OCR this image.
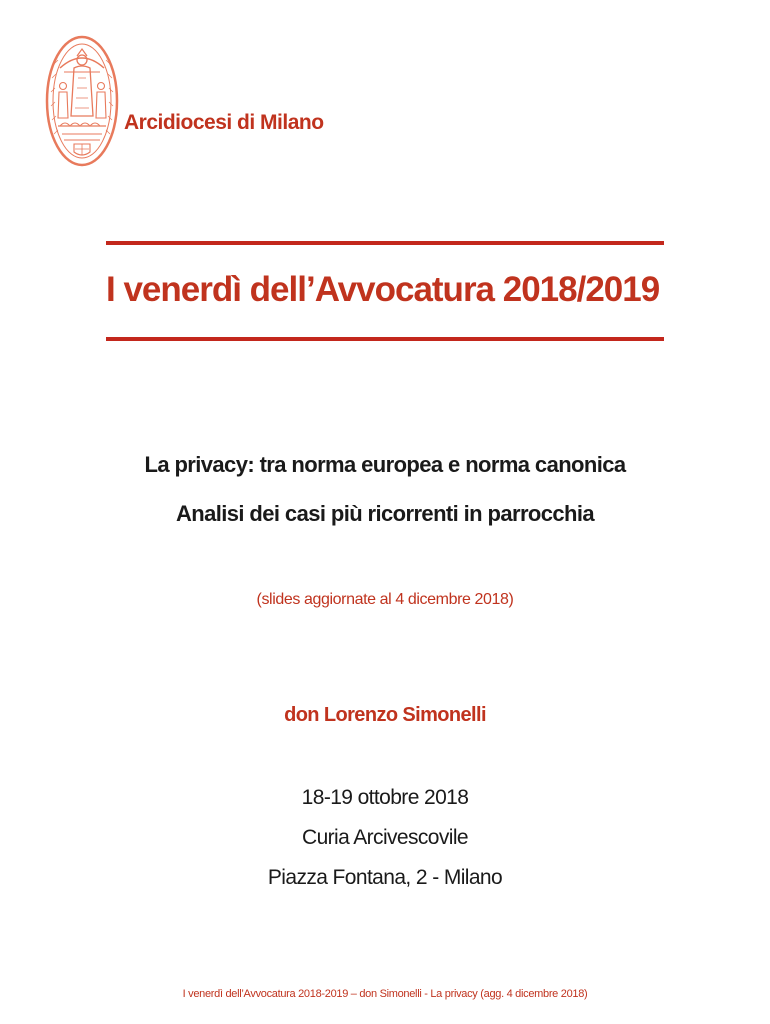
Arcidiocesi di Milano
I venerdì dell’Avvocatura 2018/2019
La privacy: tra norma europea e norma canonica
Analisi dei casi più ricorrenti in parrocchia
(slides aggiornate al 4 dicembre 2018)
don Lorenzo Simonelli
18-19 ottobre 2018
Curia Arcivescovile
Piazza Fontana, 2 - Milano
I venerdì dell’Avvocatura 2018-2019 – don Simonelli - La privacy (agg. 4 dicembre 2018)
